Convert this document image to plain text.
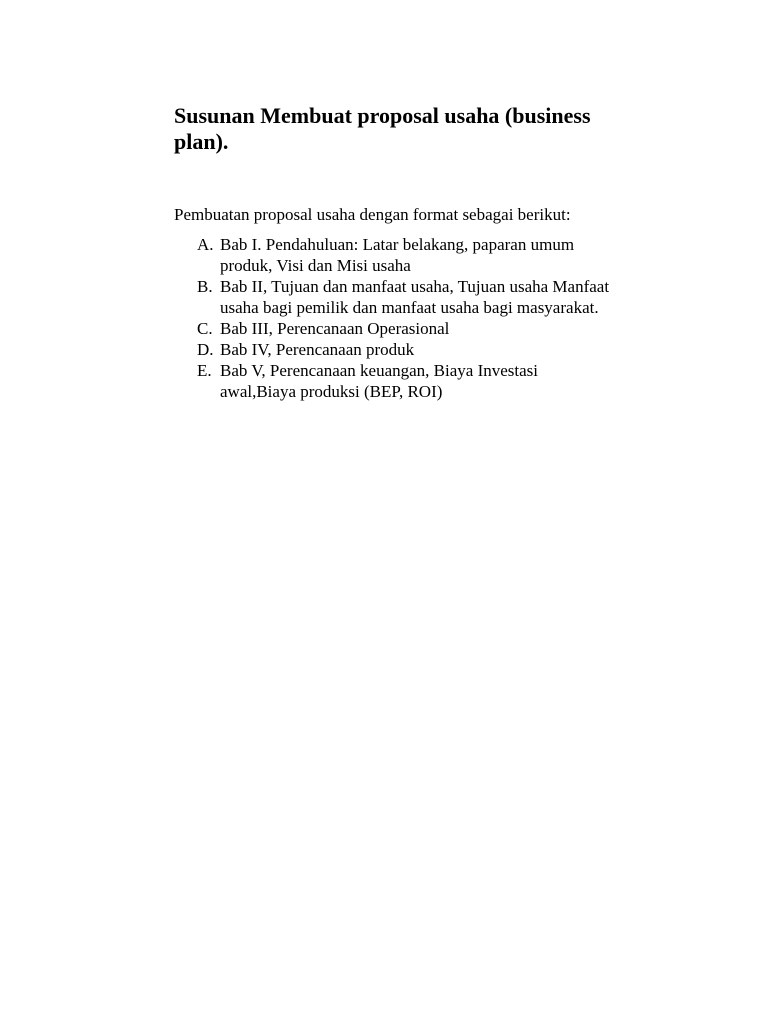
Susunan Membuat proposal usaha (business plan).

Pembuatan proposal usaha dengan format sebagai berikut:

A. Bab I. Pendahuluan: Latar belakang, paparan umum produk, Visi dan Misi usaha
B. Bab II, Tujuan dan manfaat usaha, Tujuan usaha Manfaat usaha bagi pemilik dan manfaat usaha bagi masyarakat.
C. Bab III, Perencanaan Operasional
D. Bab IV, Perencanaan produk
E. Bab V, Perencanaan keuangan, Biaya Investasi awal,Biaya produksi (BEP, ROI)
